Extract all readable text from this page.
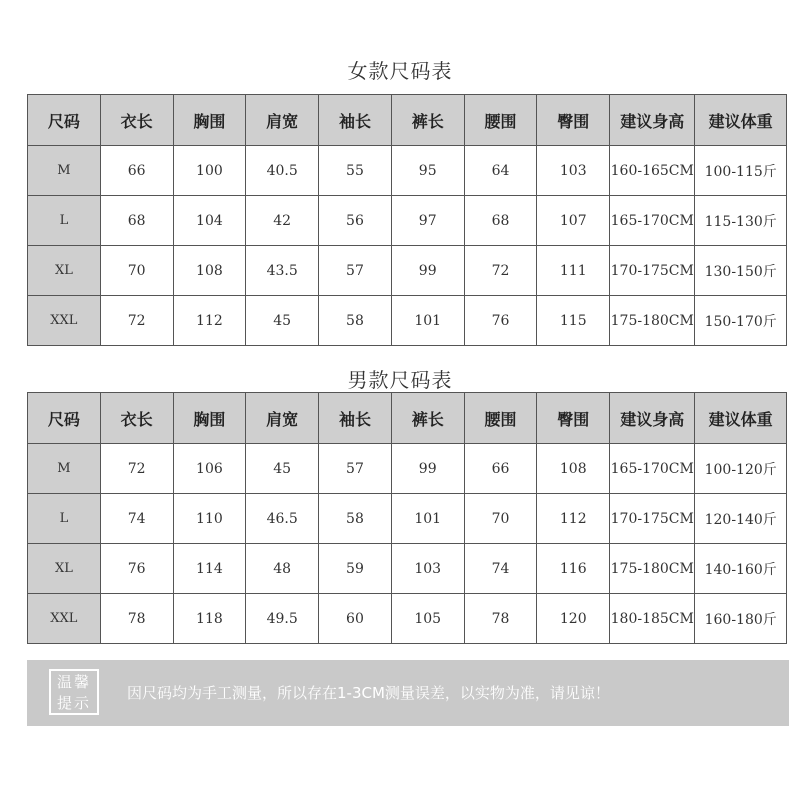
女款尺码表
尺码	衣长	胸围	肩宽	袖长	裤长	腰围	臀围	建议身高	建议体重
M	66	100	40.5	55	95	64	103	160-165CM	100-115斤
L	68	104	42	56	97	68	107	165-170CM	115-130斤
XL	70	108	43.5	57	99	72	111	170-175CM	130-150斤
XXL	72	112	45	58	101	76	115	175-180CM	150-170斤
男款尺码表
尺码	衣长	胸围	肩宽	袖长	裤长	腰围	臀围	建议身高	建议体重
M	72	106	45	57	99	66	108	165-170CM	100-120斤
L	74	110	46.5	58	101	70	112	170-175CM	120-140斤
XL	76	114	48	59	103	74	116	175-180CM	140-160斤
XXL	78	118	49.5	60	105	78	120	180-185CM	160-180斤
温馨
提示
因尺码均为手工测量，所以存在1-3CM测量误差，以实物为准，请见谅！
